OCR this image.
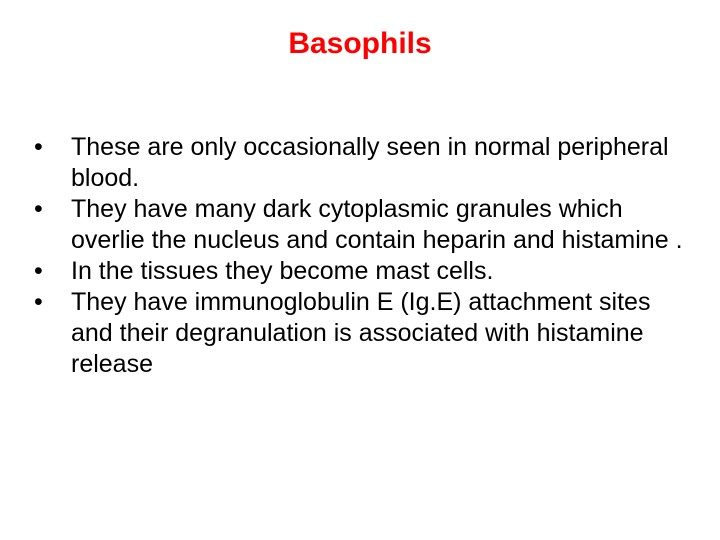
Basophils
•	These are only occasionally seen in normal peripheral blood.
•	They have many dark cytoplasmic granules which overlie the nucleus and contain heparin and histamine .
•	In the tissues they become mast cells.
•	They have immunoglobulin E (Ig.E) attachment sites and their degranulation is associated with histamine release
